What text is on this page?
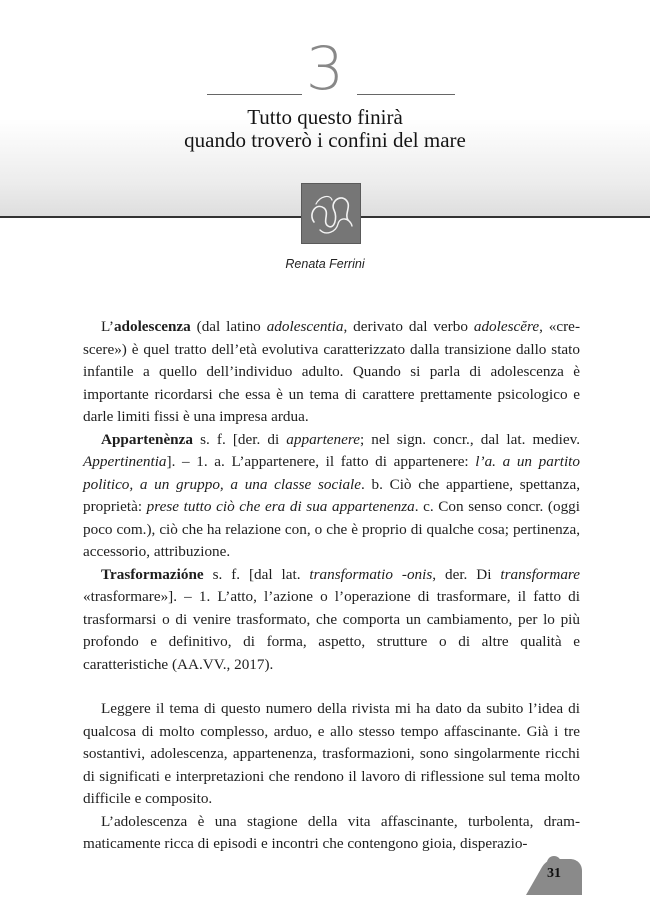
3
Tutto questo finirà
quando troverò i confini del mare
Renata Ferrini

L’adolescenza (dal latino adolescentia, derivato dal verbo adolescĕre, «crescere») è quel tratto dell’età evolutiva caratterizzato dalla transizione dallo stato infantile a quello dell’individuo adulto. Quando si parla di adolescenza è importante ricordarsi che essa è un tema di carattere prettamente psicologico e darle limiti fissi è una impresa ardua.

Appartenènza s. f. [der. di appartenere; nel sign. concr., dal lat. mediev. Appertinentia]. – 1. a. L’appartenere, il fatto di appartenere: l’a. a un partito politico, a un gruppo, a una classe sociale. b. Ciò che appartiene, spettanza, proprietà: prese tutto ciò che era di sua appartenenza. c. Con senso concr. (oggi poco com.), ciò che ha relazione con, o che è proprio di qualche cosa; pertinenza, accessorio, attribuzione.

Trasformazióne s. f. [dal lat. transformatio -onis, der. Di transformare «trasformare»]. – 1. L’atto, l’azione o l’operazione di trasformare, il fatto di trasformarsi o di venire trasformato, che comporta un cambiamento, per lo più profondo e definitivo, di forma, aspetto, strutture o di altre qualità e caratteristiche (AA.VV., 2017).

Leggere il tema di questo numero della rivista mi ha dato da subito l’idea di qualcosa di molto complesso, arduo, e allo stesso tempo affascinante. Già i tre sostantivi, adolescenza, appartenenza, trasformazioni, sono singolarmente ricchi di significati e interpretazioni che rendono il lavoro di riflessione sul tema molto difficile e composito.

L’adolescenza è una stagione della vita affascinante, turbolenta, drammaticamente ricca di episodi e incontri che contengono gioia, disperazio-

31
